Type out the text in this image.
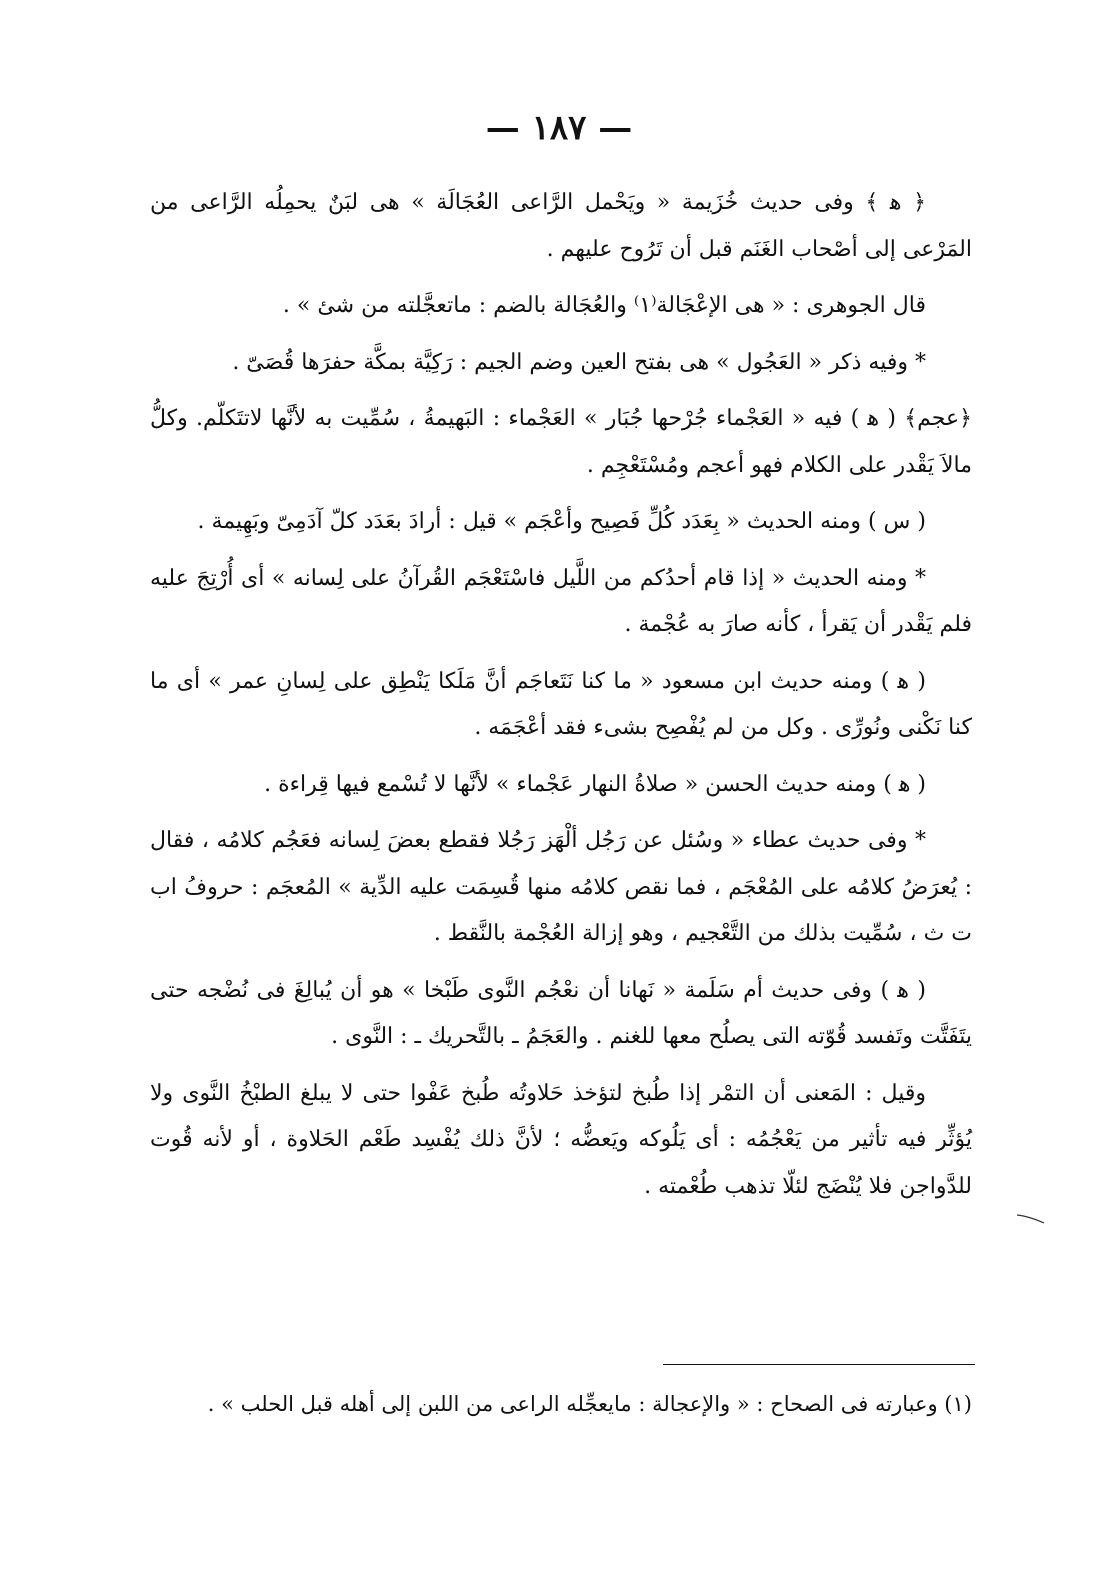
— ١٨٧ —

﴿ ﻫ ﴾ وفى حديث خُزَيمة « ويَحْمل الرَّاعى العُجَالَة » هى لبَنٌ يحمِلُه الرَّاعى من المَرْعى إلى أصْحاب الغَنَم قبل أن تَرُوح عليهم .

قال الجوهرى : « هى الإعْجَالة⁽١⁾ والعُجَالة بالضم : ماتعجَّلته من شئ » .

* وفيه ذكر « العَجُول » هى بفتح العين وضم الجيم : رَكِيَّة بمكَّة حفرَها قُصَىّ .

﴿عجم﴾ ( ﻫ ) فيه « العَجْماء جُرْحها جُبَار » العَجْماء : البَهيمةُ ، سُمِّيت به لأنَّها لاتتَكلّم. وكلُّ مالاَ يَقْدر على الكلام فهو أعجم ومُسْتَعْجِم .

( س ) ومنه الحديث « بِعَدَد كُلِّ فَصِيح وأعْجَم » قيل : أرادَ بعَدَد كلّ آدَمِىّ وبَهِيمة .

* ومنه الحديث « إذا قام أحدُكم من اللَّيل فاسْتَعْجَم القُرآنُ على لِسانه » أى أُرْتِجَ عليه فلم يَقْدر أن يَقرأ ، كأنه صارَ به عُجْمة .

( ﻫ ) ومنه حديث ابن مسعود « ما كنا نَتَعاجَم أنَّ مَلَكا يَنْطِق على لِسانِ عمر » أى ما كنا نَكْنى ونُورِّى . وكل من لم يُفْصِح بشىء فقد أعْجَمَه .

( ﻫ ) ومنه حديث الحسن « صلاةُ النهار عَجْماء » لأنَّها لا تُسْمع فيها قِراءة .

* وفى حديث عطاء « وسُئل عن رَجُل ألْهَز رَجُلا فقطع بعضَ لِسانه فعَجُم كلامُه ، فقال : يُعرَضُ كلامُه على المُعْجَم ، فما نقص كلامُه منها قُسِمَت عليه الدِّية » المُعجَم : حروفُ اب ت ث ، سُمِّيت بذلك من التَّعْجيم ، وهو إزالة العُجْمة بالنَّقط .

( ﻫ ) وفى حديث أم سَلَمة « نَهانا أن نعْجُم النَّوى طَبْخا » هو أن يُبالِغَ فى نُضْجه حتى يتَفَتَّت وتَفسد قُوّته التى يصلُح معها للغنم . والعَجَمُ ـ بالتَّحريك ـ : النَّوى .

وقيل : المَعنى أن التمْر إذا طُبخ لتؤخذ حَلاوتُه طُبخ عَفْوا حتى لا يبلغ الطبْخُ النَّوى ولا يُؤثِّر فيه تأثير من يَعْجُمُه : أى يَلُوكه ويَعضُّه ؛ لأنَّ ذلك يُفْسِد طَعْم الحَلاوة ، أو لأنه قُوت للدَّواجن فلا يُنْضَج لئلّا تذهب طُعْمته .

(١) وعبارته فى الصحاح : « والإعجالة : مايعجِّله الراعى من اللبن إلى أهله قبل الحلب » .
